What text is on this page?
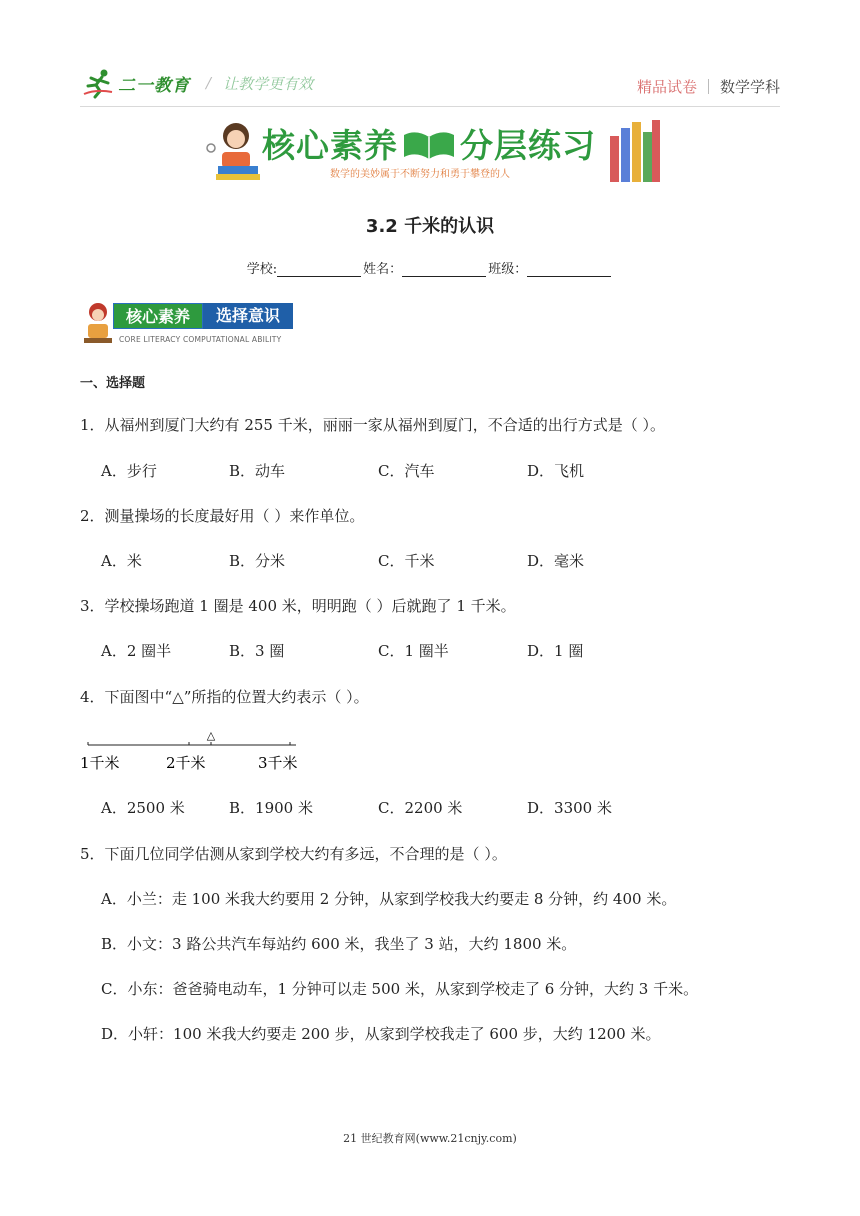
二一教育 / 让教学更有效	精品试卷 数学学科
核心素养 分层练习
数学的美妙属于不断努力和勇于攀登的人
3.2 千米的认识
学校:	姓名：	班级：
核心素养	选择意识
CORE LITERACY COMPUTATIONAL ABILITY
一、选择题
1．从福州到厦门大约有 255 千米，丽丽一家从福州到厦门，不合适的出行方式是（ ）。
A．步行	B．动车	C．汽车	D．飞机
2．测量操场的长度最好用（ ）来作单位。
A．米	B．分米	C．千米	D．毫米
3．学校操场跑道 1 圈是 400 米，明明跑（ ）后就跑了 1 千米。
A．2 圈半	B．3 圈	C．1 圈半	D．1 圈
4．下面图中“△”所指的位置大约表示（ ）。
△
1千米	2千米	3千米
A．2500 米	B．1900 米	C．2200 米	D．3300 米
5．下面几位同学估测从家到学校大约有多远，不合理的是（ ）。
A．小兰：走 100 米我大约要用 2 分钟，从家到学校我大约要走 8 分钟，约 400 米。
B．小文：3 路公共汽车每站约 600 米，我坐了 3 站，大约 1800 米。
C．小东：爸爸骑电动车，1 分钟可以走 500 米，从家到学校走了 6 分钟，大约 3 千米。
D．小轩：100 米我大约要走 200 步，从家到学校我走了 600 步，大约 1200 米。
21 世纪教育网(www.21cnjy.com)
